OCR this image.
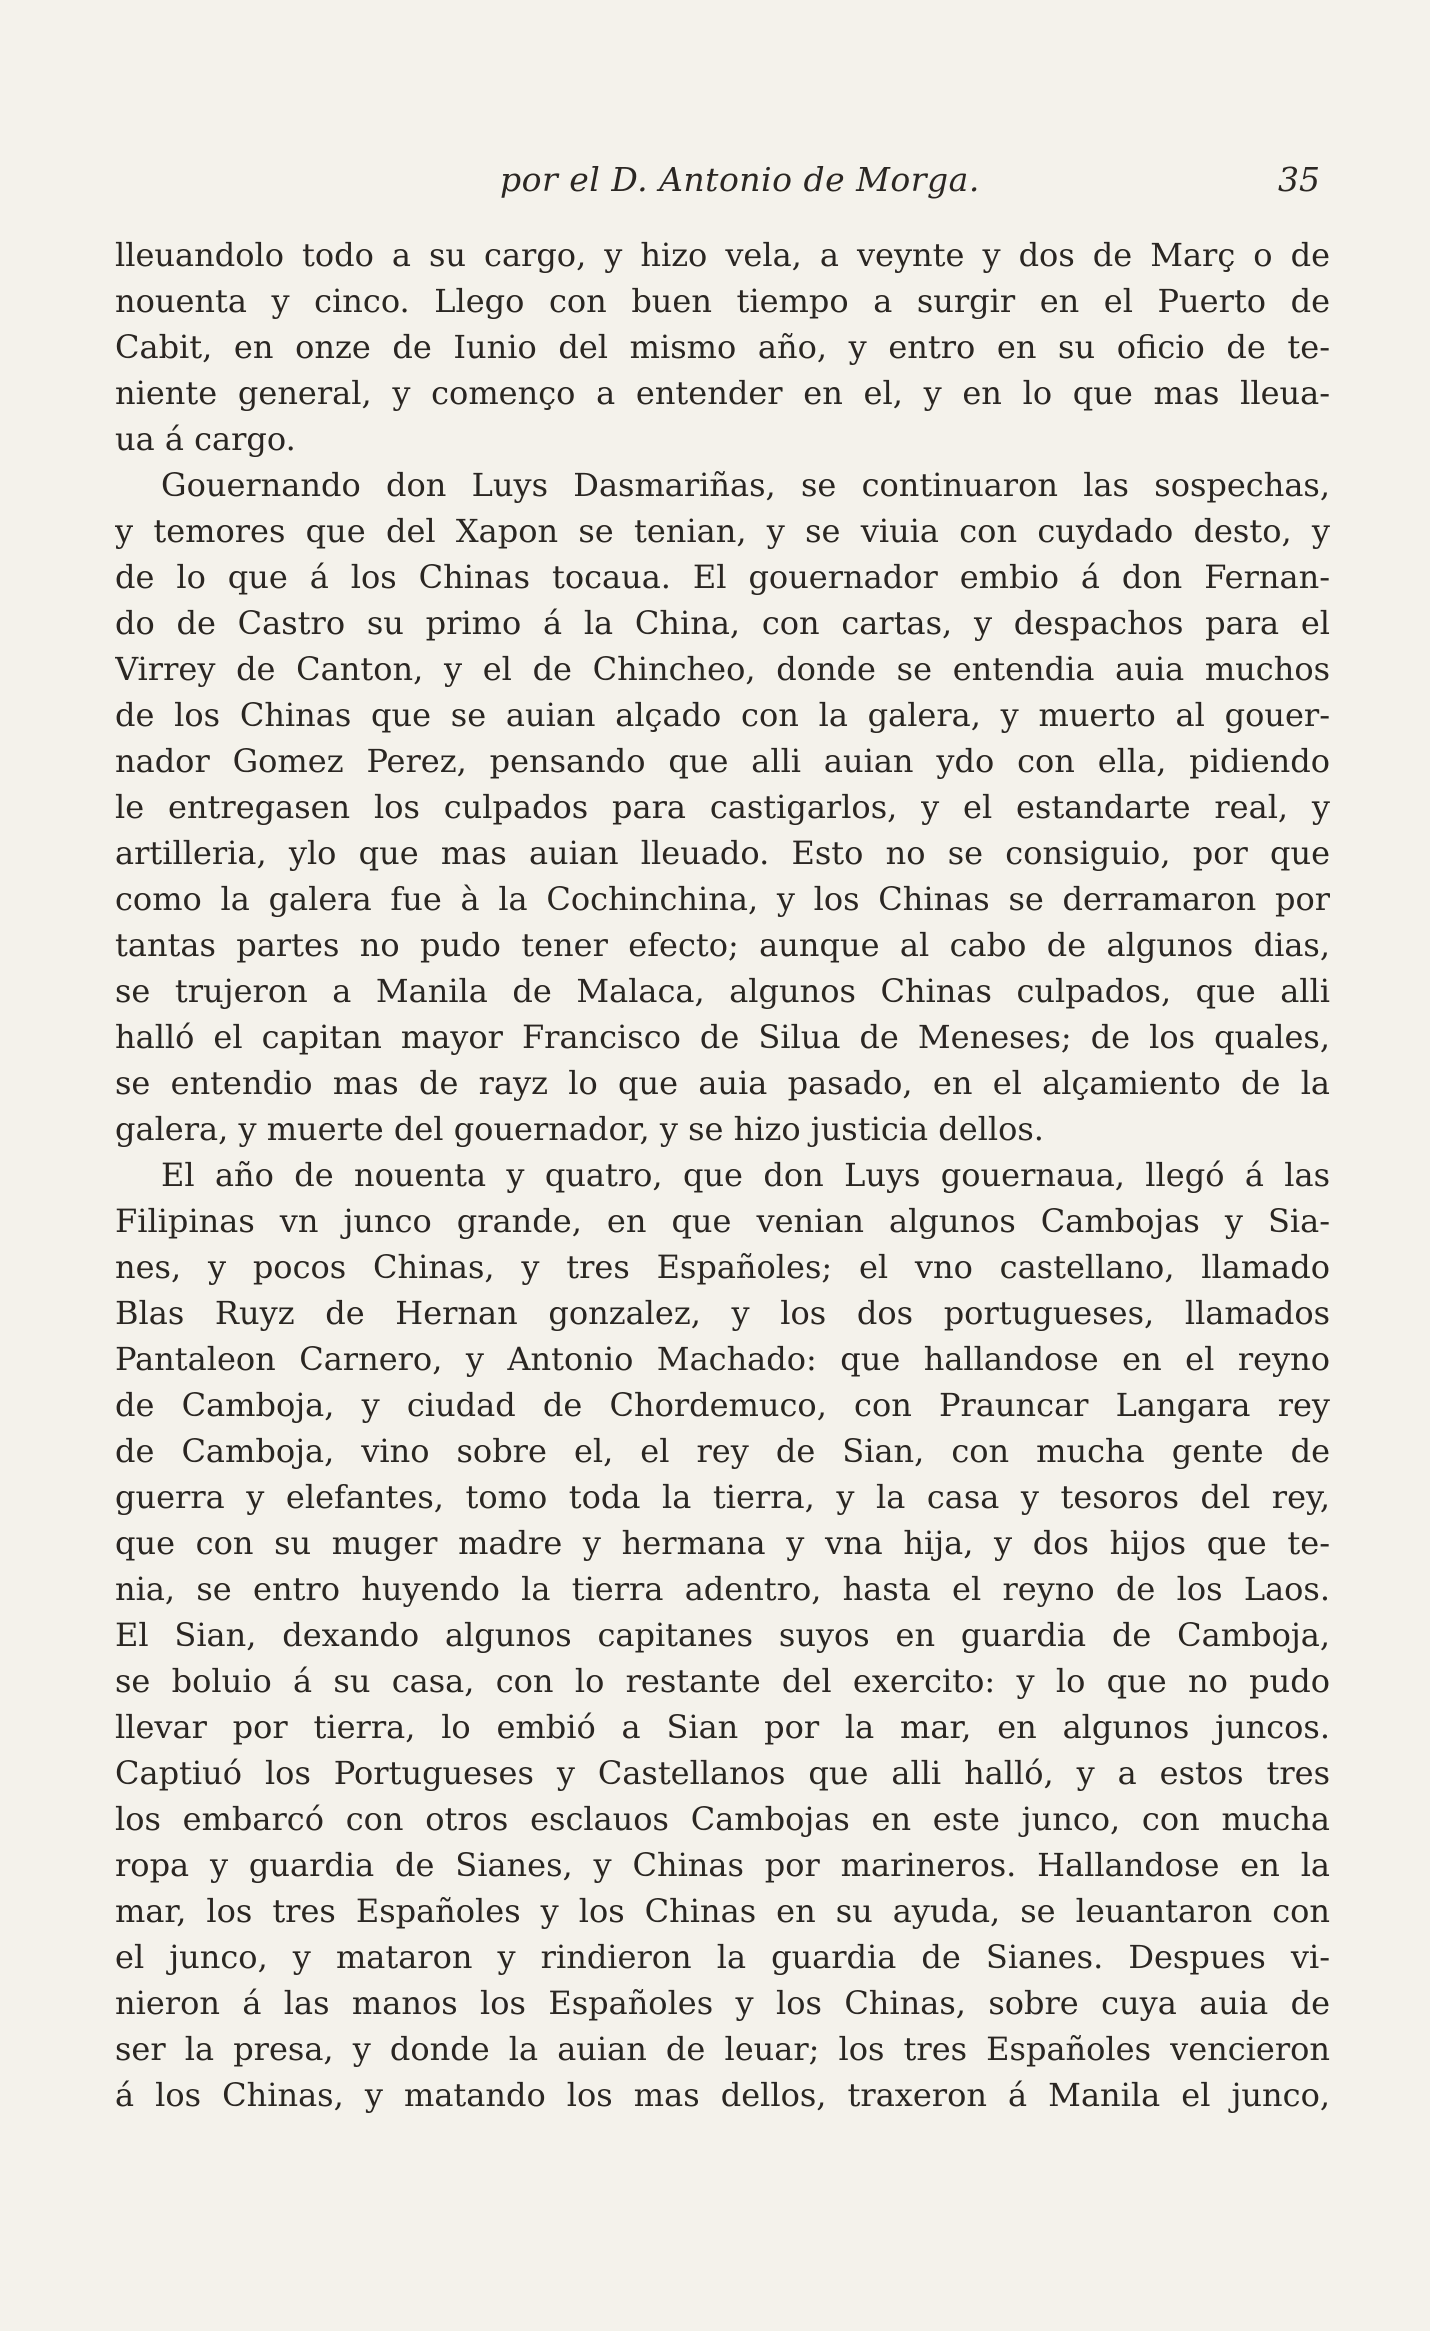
por el D. Antonio de Morga.	35
lleuandolo todo a su cargo, y hizo vela, a veynte y dos de Març o de
nouenta y cinco. Llego con buen tiempo a surgir en el Puerto de
Cabit, en onze de Iunio del mismo año, y entro en su oficio de te-
niente general, y començo a entender en el, y en lo que mas lleua-
ua á cargo.
Gouernando don Luys Dasmariñas, se continuaron las sospechas,
y temores que del Xapon se tenian, y se viuia con cuydado desto, y
de lo que á los Chinas tocaua. El gouernador embio á don Fernan-
do de Castro su primo á la China, con cartas, y despachos para el
Virrey de Canton, y el de Chincheo, donde se entendia auia muchos
de los Chinas que se auian alçado con la galera, y muerto al gouer-
nador Gomez Perez, pensando que alli auian ydo con ella, pidiendo
le entregasen los culpados para castigarlos, y el estandarte real, y
artilleria, ylo que mas auian lleuado. Esto no se consiguio, por que
como la galera fue à la Cochinchina, y los Chinas se derramaron por
tantas partes no pudo tener efecto; aunque al cabo de algunos dias,
se trujeron a Manila de Malaca, algunos Chinas culpados, que alli
halló el capitan mayor Francisco de Silua de Meneses; de los quales,
se entendio mas de rayz lo que auia pasado, en el alçamiento de la
galera, y muerte del gouernador, y se hizo justicia dellos.
El año de nouenta y quatro, que don Luys gouernaua, llegó á las
Filipinas vn junco grande, en que venian algunos Cambojas y Sia-
nes, y pocos Chinas, y tres Españoles; el vno castellano, llamado
Blas Ruyz de Hernan gonzalez, y los dos portugueses, llamados
Pantaleon Carnero, y Antonio Machado: que hallandose en el reyno
de Camboja, y ciudad de Chordemuco, con Prauncar Langara rey
de Camboja, vino sobre el, el rey de Sian, con mucha gente de
guerra y elefantes, tomo toda la tierra, y la casa y tesoros del rey,
que con su muger madre y hermana y vna hija, y dos hijos que te-
nia, se entro huyendo la tierra adentro, hasta el reyno de los Laos.
El Sian, dexando algunos capitanes suyos en guardia de Camboja,
se boluio á su casa, con lo restante del exercito: y lo que no pudo
llevar por tierra, lo embió a Sian por la mar, en algunos juncos.
Captiuó los Portugueses y Castellanos que alli halló, y a estos tres
los embarcó con otros esclauos Cambojas en este junco, con mucha
ropa y guardia de Sianes, y Chinas por marineros. Hallandose en la
mar, los tres Españoles y los Chinas en su ayuda, se leuantaron con
el junco, y mataron y rindieron la guardia de Sianes. Despues vi-
nieron á las manos los Españoles y los Chinas, sobre cuya auia de
ser la presa, y donde la auian de leuar; los tres Españoles vencieron
á los Chinas, y matando los mas dellos, traxeron á Manila el junco,
